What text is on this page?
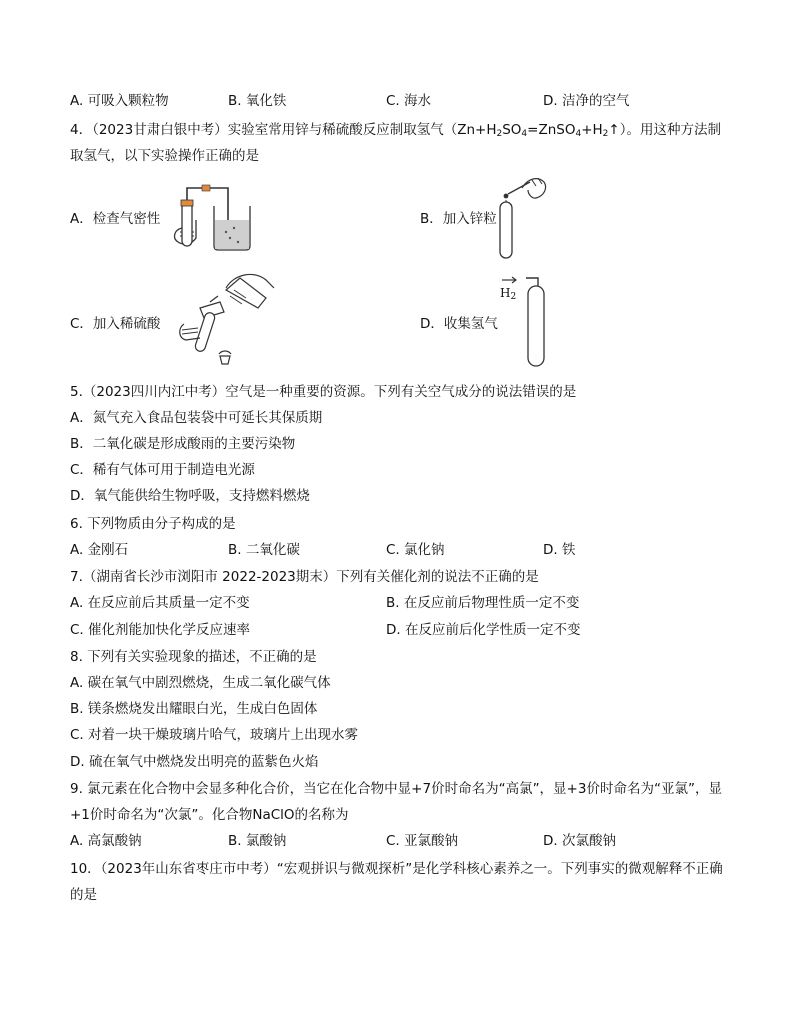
A. 可吸入颗粒物	B. 氧化铁	C. 海水	D. 洁净的空气
4．（2023甘肃白银中考）实验室常用锌与稀硫酸反应制取氢气$(Zn+H_2SO_4=ZnSO_4+H_2↑)$。用这种方法制
取氢气，以下实验操作正确的是
A．检查气密性	B．加入锌粒
C．加入稀硫酸	D．收集氢气
$H_2$
5.（2023四川内江中考）空气是一种重要的资源。下列有关空气成分的说法错误的是
A．氮气充入食品包装袋中可延长其保质期
B．二氧化碳是形成酸雨的主要污染物
C．稀有气体可用于制造电光源
D．氧气能供给生物呼吸，支持燃料燃烧
6. 下列物质由分子构成的是
A. 金刚石	B. 二氧化碳	C. 氯化钠	D. 铁
7.（湖南省长沙市浏阳市 2022-2023期末）下列有关催化剂的说法不正确的是
A. 在反应前后其质量一定不变	B. 在反应前后物理性质一定不变
C. 催化剂能加快化学反应速率	D. 在反应前后化学性质一定不变
8. 下列有关实验现象的描述，不正确的是
A. 碳在氧气中剧烈燃烧，生成二氧化碳气体
B. 镁条燃烧发出耀眼白光，生成白色固体
C. 对着一块干燥玻璃片哈气，玻璃片上出现水雾
D. 硫在氧气中燃烧发出明亮的蓝紫色火焰
9. 氯元素在化合物中会显多种化合价，当它在化合物中显+7价时命名为“高氯”，显+3价时命名为“亚氯”，显
+1价时命名为“次氯”。化合物NaClO的名称为
A. 高氯酸钠	B. 氯酸钠	C. 亚氯酸钠	D. 次氯酸钠
10．（2023年山东省枣庄市中考）“宏观拼识与微观探析”是化学科核心素养之一。下列事实的微观解释不正确
的是
